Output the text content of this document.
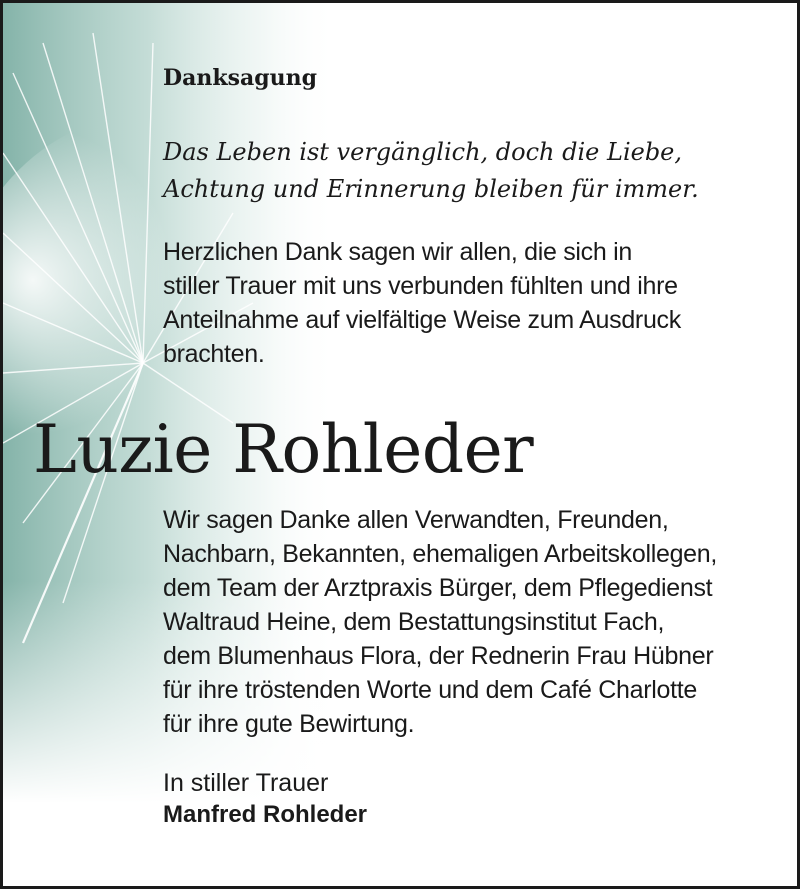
Danksagung
Das Leben ist vergänglich, doch die Liebe,
Achtung und Erinnerung bleiben für immer.
Herzlichen Dank sagen wir allen, die sich in
stiller Trauer mit uns verbunden fühlten und ihre
Anteilnahme auf vielfältige Weise zum Ausdruck
brachten.
Luzie Rohleder
Wir sagen Danke allen Verwandten, Freunden,
Nachbarn, Bekannten, ehemaligen Arbeitskollegen,
dem Team der Arztpraxis Bürger, dem Pflegedienst
Waltraud Heine, dem Bestattungsinstitut Fach,
dem Blumenhaus Flora, der Rednerin Frau Hübner
für ihre tröstenden Worte und dem Café Charlotte
für ihre gute Bewirtung.
In stiller Trauer
Manfred Rohleder
